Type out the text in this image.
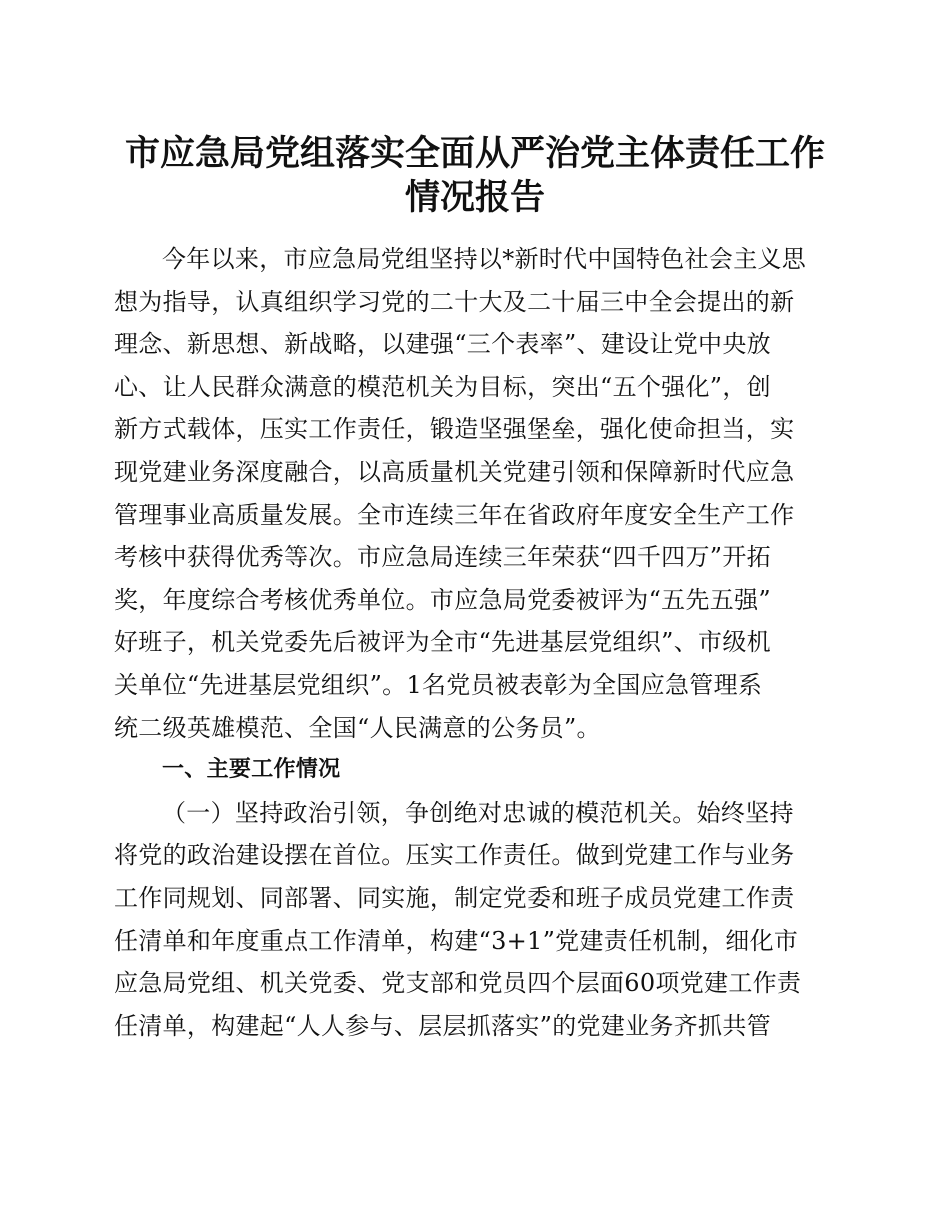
市应急局党组落实全面从严治党主体责任工作
情况报告
今年以来，市应急局党组坚持以*新时代中国特色社会主义思
想为指导，认真组织学习党的二十大及二十届三中全会提出的新
理念、新思想、新战略，以建强“三个表率”、建设让党中央放
心、让人民群众满意的模范机关为目标，突出“五个强化”，创
新方式载体，压实工作责任，锻造坚强堡垒，强化使命担当，实
现党建业务深度融合，以高质量机关党建引领和保障新时代应急
管理事业高质量发展。全市连续三年在省政府年度安全生产工作
考核中获得优秀等次。市应急局连续三年荣获“四千四万”开拓
奖，年度综合考核优秀单位。市应急局党委被评为“五先五强”
好班子，机关党委先后被评为全市“先进基层党组织”、市级机
关单位“先进基层党组织”。1名党员被表彰为全国应急管理系
统二级英雄模范、全国“人民满意的公务员”。
一、主要工作情况
（一）坚持政治引领，争创绝对忠诚的模范机关。始终坚持
将党的政治建设摆在首位。压实工作责任。做到党建工作与业务
工作同规划、同部署、同实施，制定党委和班子成员党建工作责
任清单和年度重点工作清单，构建“3+1”党建责任机制，细化市
应急局党组、机关党委、党支部和党员四个层面60项党建工作责
任清单，构建起“人人参与、层层抓落实”的党建业务齐抓共管
